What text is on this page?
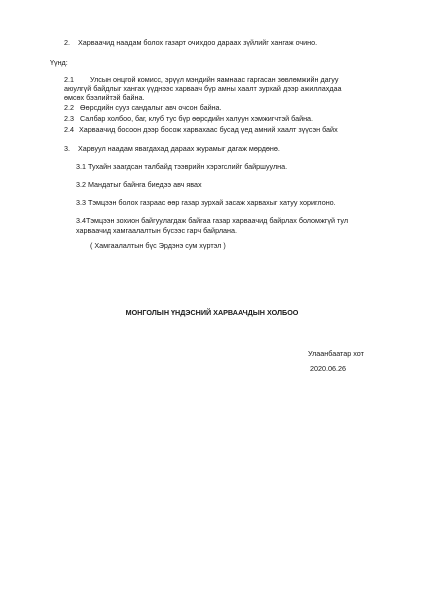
2. Харваачид наадам болох газарт очихдоо дараах зүйлийг хангаж очино.
Үүнд:
2.1 Улсын онцгой комисс, эрүүл мэндийн яамнаас гаргасан зөвлөмжийн дагуу
аюулгүй байдлыг хангах үүднээс харваач бүр амны хаалт зурхай дээр ажиллахдаа
өмсөх бээлийтэй байна.
2.2 Өөрсдийн сууз сандалыг авч очсон байна.
2.3 Салбар холбоо, баг, клуб тус бүр өөрсдийн халуун хэмжигчтэй байна.
2.4 Харваачид босоон дээр босож харвахаас бусад үед амний хаалт зүүсэн байх
3. Харвуул наадам явагдахад дараах журамыг дагаж мөрдөнө.
3.1 Тухайн заагдсан талбайд тээврийн хэрэгслийг байршуулна.
3.2 Мандатыг байнга биедээ авч явах
3.3 Тэмцээн болох газраас өөр газар зурхай засаж харвахыг хатуу хориглоно.
3.4Тэмцээн зохион байгуулагдаж байгаа газар харваачид байрлах боломжгүй тул
харваачид хамгаалалтын бүсээс гарч байрлана.
( Хамгаалалтын бүс Эрдэнэ сум хүртэл )
МОНГОЛЫН ҮНДЭСНИЙ ХАРВААЧДЫН ХОЛБОО
Улаанбаатар хот
2020.06.26
